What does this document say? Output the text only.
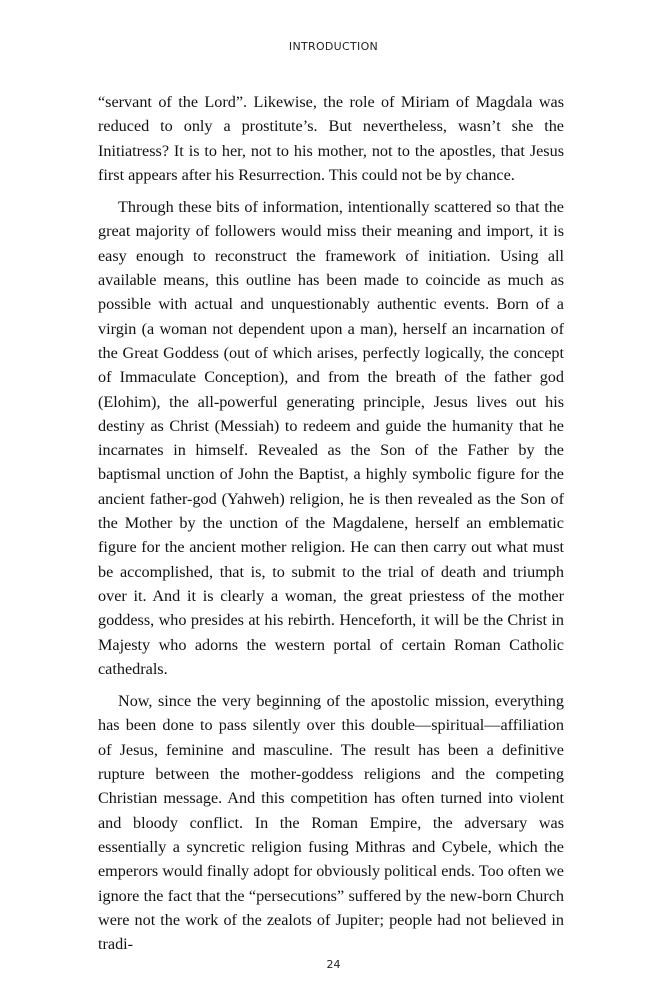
INTRODUCTION

“servant of the Lord”. Likewise, the role of Miriam of Magdala was reduced to only a prostitute’s. But nevertheless, wasn’t she the Initiatress? It is to her, not to his mother, not to the apostles, that Jesus first appears after his Resurrection. This could not be by chance.

Through these bits of information, intentionally scattered so that the great majority of followers would miss their meaning and import, it is easy enough to reconstruct the framework of initiation. Using all available means, this outline has been made to coincide as much as possible with actual and unquestionably authentic events. Born of a virgin (a woman not dependent upon a man), herself an incarnation of the Great Goddess (out of which arises, perfectly logically, the concept of Immaculate Conception), and from the breath of the father god (Elohim), the all-powerful generating principle, Jesus lives out his destiny as Christ (Messiah) to redeem and guide the humanity that he incarnates in himself. Revealed as the Son of the Father by the baptismal unction of John the Baptist, a highly symbolic figure for the ancient father-god (Yahweh) religion, he is then revealed as the Son of the Mother by the unction of the Magdalene, herself an emblematic figure for the ancient mother religion. He can then carry out what must be accomplished, that is, to submit to the trial of death and triumph over it. And it is clearly a woman, the great priestess of the mother goddess, who presides at his rebirth. Henceforth, it will be the Christ in Majesty who adorns the western portal of certain Roman Catholic cathedrals.

Now, since the very beginning of the apostolic mission, everything has been done to pass silently over this double—spiritual—affiliation of Jesus, feminine and masculine. The result has been a definitive rupture between the mother-goddess religions and the competing Christian message. And this competition has often turned into violent and bloody conflict. In the Roman Empire, the adversary was essentially a syncretic religion fusing Mithras and Cybele, which the emperors would finally adopt for obviously political ends. Too often we ignore the fact that the “persecutions” suffered by the new-born Church were not the work of the zealots of Jupiter; people had not believed in tradi-

24
